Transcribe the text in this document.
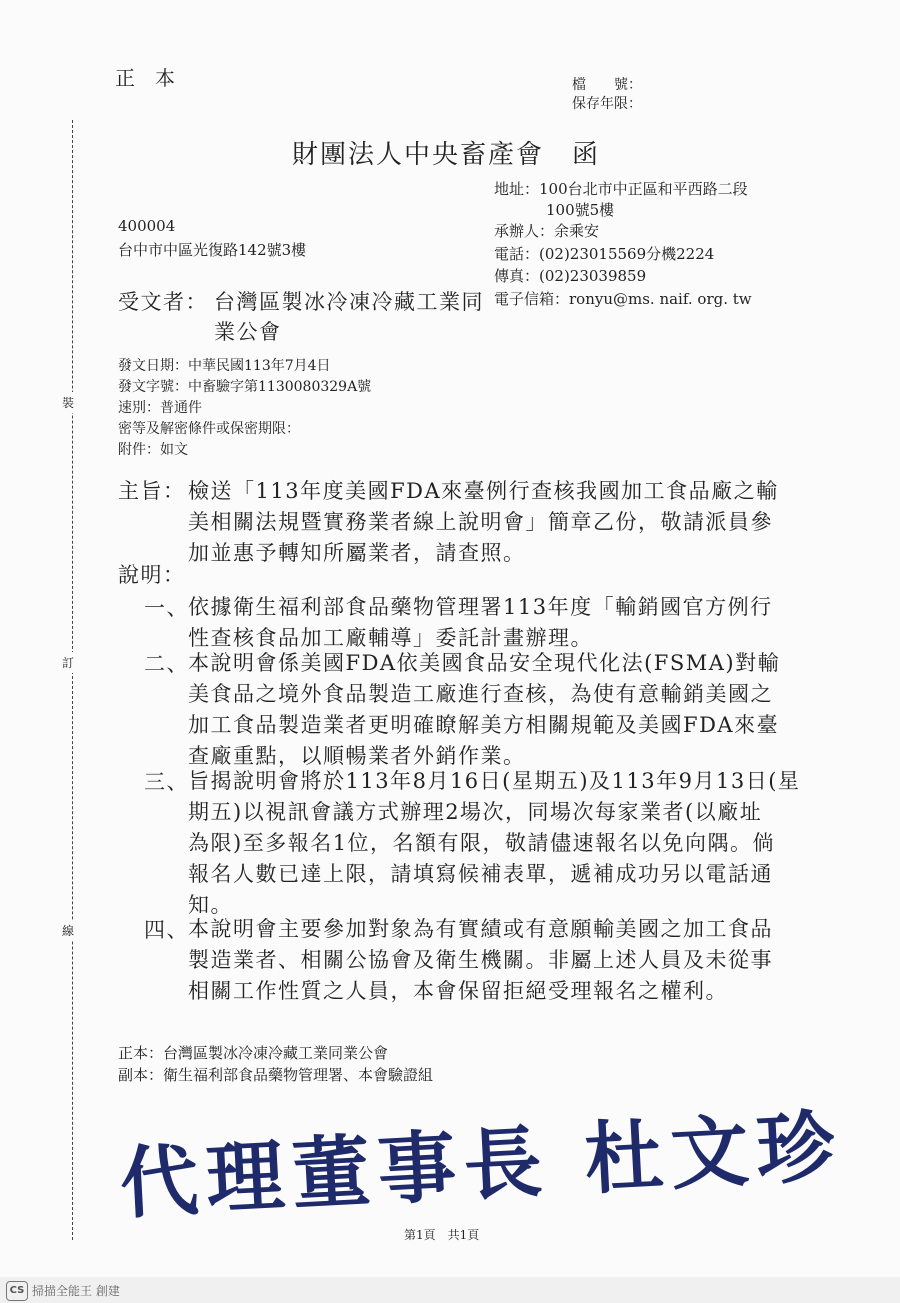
裝
訂
線
正　本	檔　　號：
保存年限：
財團法人中央畜產會　函
地址：100台北市中正區和平西路二段
100號5樓
承辦人：余乘安
電話：(02)23015569分機2224
傳真：(02)23039859
電子信箱：ronyu@ms. naif. org. tw
400004
台中市中區光復路142號3樓
受文者： 台灣區製冰冷凍冷藏工業同
業公會
發文日期：中華民國113年7月4日
發文字號：中畜驗字第1130080329A號
速別：普通件
密等及解密條件或保密期限：
附件：如文
主旨： 檢送「113年度美國FDA來臺例行查核我國加工食品廠之輸
美相關法規暨實務業者線上說明會」簡章乙份，敬請派員參
加並惠予轉知所屬業者，請查照。
說明：
一、 依據衛生福利部食品藥物管理署113年度「輸銷國官方例行
性查核食品加工廠輔導」委託計畫辦理。
二、 本說明會係美國FDA依美國食品安全現代化法(FSMA)對輸
美食品之境外食品製造工廠進行查核，為使有意輸銷美國之
加工食品製造業者更明確瞭解美方相關規範及美國FDA來臺
查廠重點，以順暢業者外銷作業。
三、 旨揭說明會將於113年8月16日(星期五)及113年9月13日(星
期五)以視訊會議方式辦理2場次，同場次每家業者(以廠址
為限)至多報名1位，名額有限，敬請儘速報名以免向隅。倘
報名人數已達上限，請填寫候補表單，遞補成功另以電話通
知。
四、 本說明會主要參加對象為有實績或有意願輸美國之加工食品
製造業者、相關公協會及衛生機關。非屬上述人員及未從事
相關工作性質之人員，本會保留拒絕受理報名之權利。
正本：台灣區製冰冷凍冷藏工業同業公會
副本：衛生福利部食品藥物管理署、本會驗證組
代理董事長 杜文珍
第1頁　共1頁
CS 掃描全能王 創建
